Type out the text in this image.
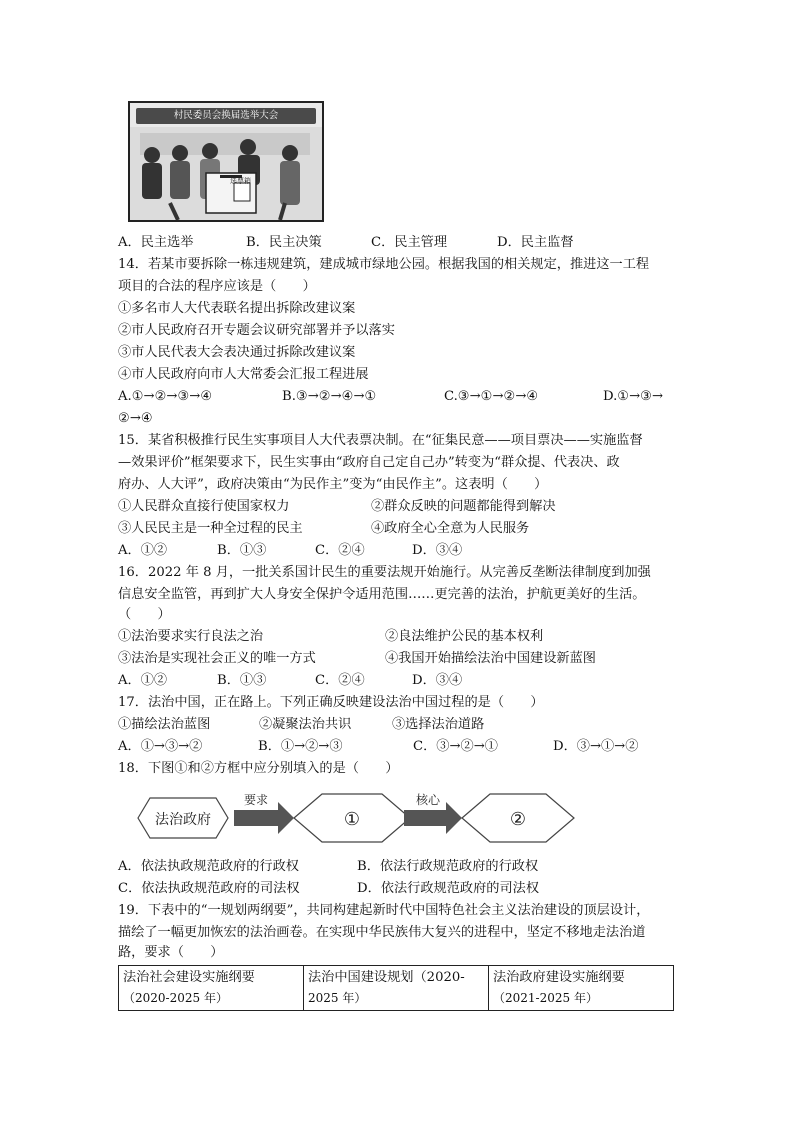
村民委员会换届选举大会
A．民主选举	B．民主决策	C．民主管理	D．民主监督
14．若某市要拆除一栋违规建筑，建成城市绿地公园。根据我国的相关规定，推进这一工程
项目的合法的程序应该是（　　）
①多名市人大代表联名提出拆除改建议案
②市人民政府召开专题会议研究部署并予以落实
③市人民代表大会表决通过拆除改建议案
④市人民政府向市人大常委会汇报工程进展
A.①→②→③→④	B.③→②→④→①	C.③→①→②→④	D.①→③→
②→④
15．某省积极推行民生实事项目人大代表票决制。在“征集民意——项目票决——实施监督
—效果评价”框架要求下，民生实事由“政府自己定自己办”转变为“群众提、代表决、政
府办、人大评”，政府决策由“为民作主”变为“由民作主”。这表明（　　）
①人民群众直接行使国家权力	②群众反映的问题都能得到解决
③人民民主是一种全过程的民主	④政府全心全意为人民服务
A．①②	B．①③	C．②④	D．③④
16．2022 年 8 月，一批关系国计民生的重要法规开始施行。从完善反垄断法律制度到加强
信息安全监管，再到扩大人身安全保护令适用范围……更完善的法治，护航更美好的生活。
（　　）
①法治要求实行良法之治	②良法维护公民的基本权利
③法治是实现社会正义的唯一方式	④我国开始描绘法治中国建设新蓝图
A．①②	B．①③	C．②④	D．③④
17．法治中国，正在路上。下列正确反映建设法治中国过程的是（　　）
①描绘法治蓝图	②凝聚法治共识	③选择法治道路
A．①→③→②	B．①→②→③	C．③→②→①	D．③→①→②
18．下图①和②方框中应分别填入的是（　　）
法治政府
要求
①
核心
②
A．依法执政规范政府的行政权	B．依法行政规范政府的行政权
C．依法执政规范政府的司法权	D．依法行政规范政府的司法权
19．下表中的“一规划两纲要”，共同构建起新时代中国特色社会主义法治建设的顶层设计，
描绘了一幅更加恢宏的法治画卷。在实现中华民族伟大复兴的进程中，坚定不移地走法治道
路，要求（　　）
法治社会建设实施纲要
（2020-2025 年）

法治中国建设规划（2020-
2025 年）

法治政府建设实施纲要
（2021-2025 年）
选票箱
